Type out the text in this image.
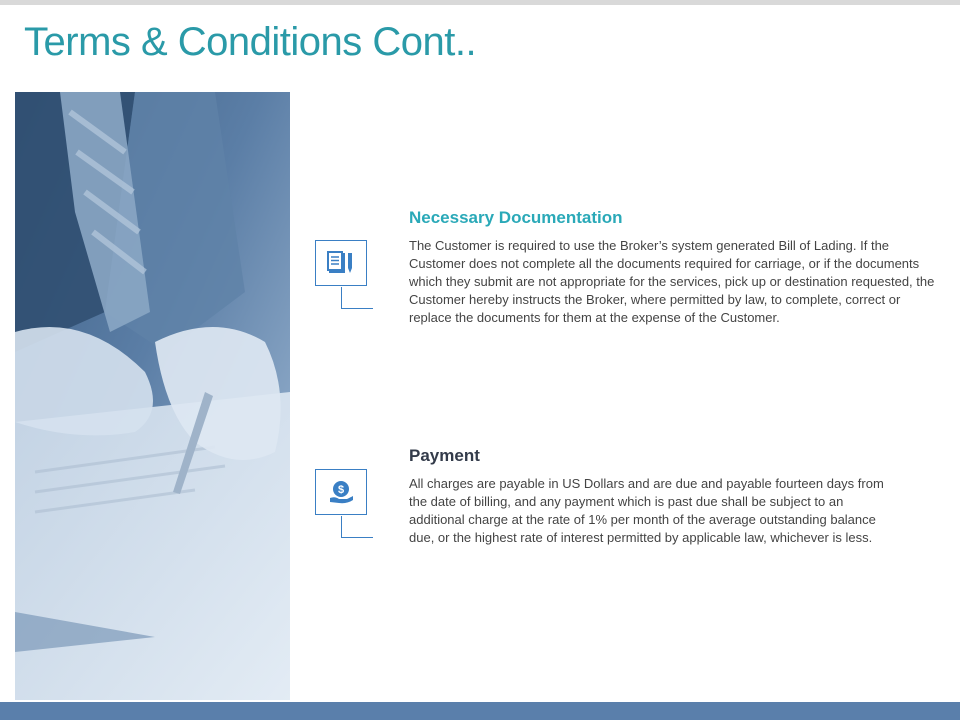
Terms & Conditions Cont..
Necessary Documentation

The Customer is required to use the Broker’s system generated Bill of Lading. If the Customer does not complete all the documents required for carriage, or if the documents which they submit are not appropriate for the services, pick up or destination requested, the Customer hereby instructs the Broker, where permitted by law, to complete, correct or replace the documents for them at the expense of the Customer.

$
Payment

All charges are payable in US Dollars and are due and payable fourteen days from the date of billing, and any payment which is past due shall be subject to an additional charge at the rate of 1% per month of the average outstanding balance due, or the highest rate of interest permitted by applicable law, whichever is less.
